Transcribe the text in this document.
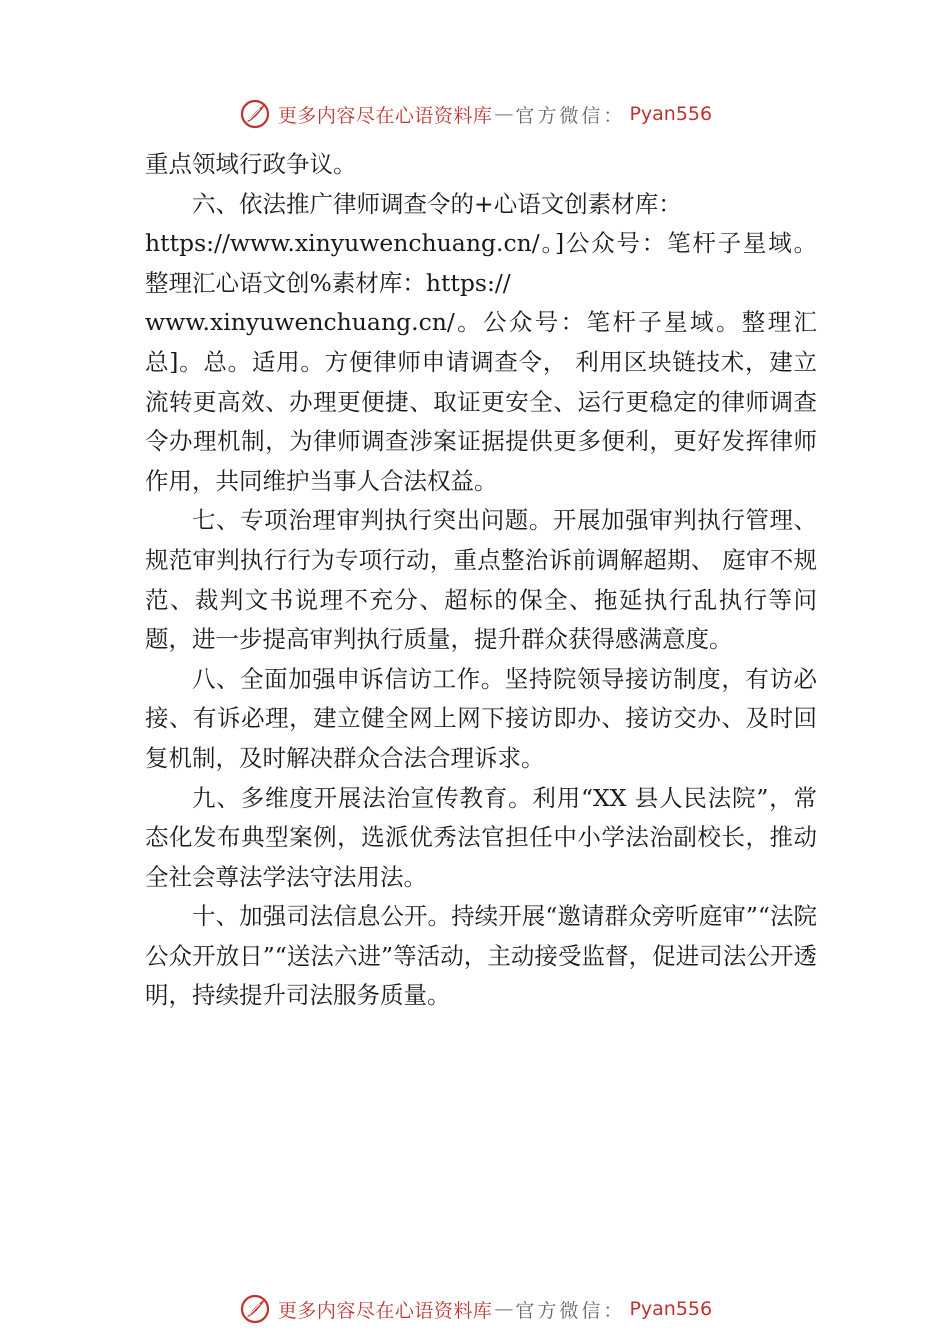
更多内容尽在心语资料库 — 官方微信： Pyan556

重点领域行政争议。

六、依法推广律师调查令的+心语文创素材库：

https://www.xinyuwenchuang.cn/。]公众号：笔杆子星域。整理汇心语文创%素材库：https://

www.xinyuwenchuang.cn/。公众号：笔杆子星域。整理汇总]。总。适用。方便律师申请调查令， 利用区块链技术，建立流转更高效、办理更便捷、取证更安全、运行更稳定的律师调查令办理机制，为律师调查涉案证据提供更多便利，更好发挥律师作用，共同维护当事人合法权益。

七、专项治理审判执行突出问题。开展加强审判执行管理、规范审判执行行为专项行动，重点整治诉前调解超期、 庭审不规范、裁判文书说理不充分、超标的保全、拖延执行乱执行等问题，进一步提高审判执行质量，提升群众获得感满意度。

八、全面加强申诉信访工作。坚持院领导接访制度，有访必接、有诉必理，建立健全网上网下接访即办、接访交办、及时回复机制，及时解决群众合法合理诉求。

九、多维度开展法治宣传教育。利用“XX 县人民法院”，常态化发布典型案例，选派优秀法官担任中小学法治副校长，推动全社会尊法学法守法用法。

十、加强司法信息公开。持续开展“邀请群众旁听庭审”“法院公众开放日”“送法六进”等活动，主动接受监督，促进司法公开透明，持续提升司法服务质量。

更多内容尽在心语资料库 — 官方微信： Pyan556
